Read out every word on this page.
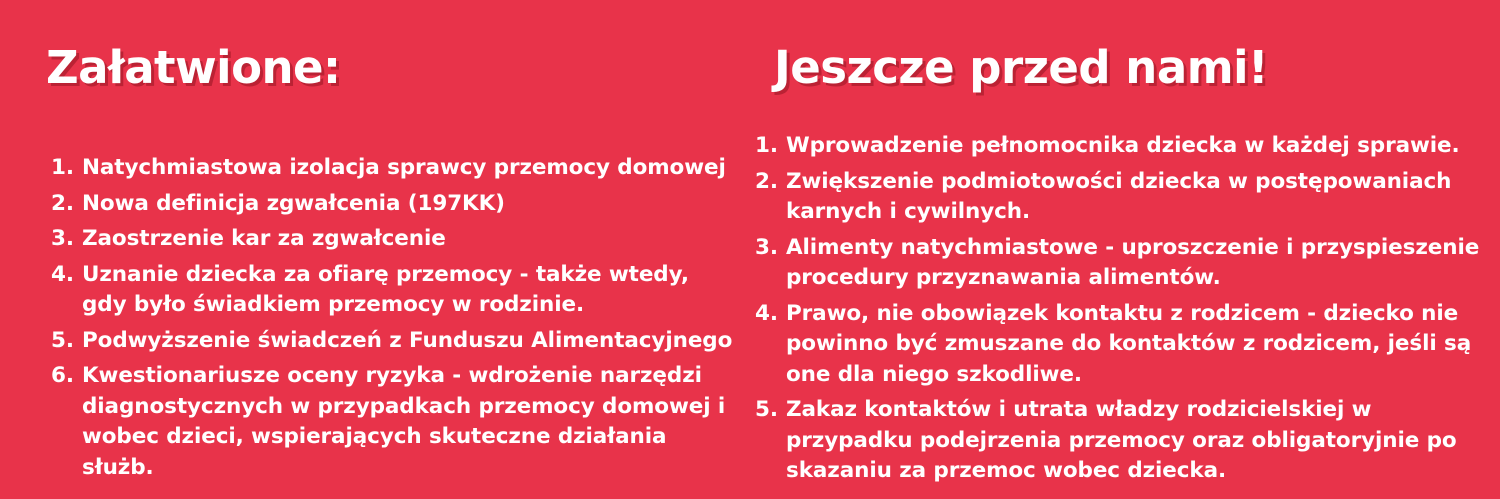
Załatwione:
Natychmiastowa izolacja sprawcy przemocy domowej
Nowa definicja zgwałcenia (197KK)
Zaostrzenie kar za zgwałcenie
Uznanie dziecka za ofiarę przemocy - także wtedy, gdy było świadkiem przemocy w rodzinie.
Podwyższenie świadczeń z Funduszu Alimentacyjnego
Kwestionariusze oceny ryzyka - wdrożenie narzędzi diagnostycznych w przypadkach przemocy domowej i wobec dzieci, wspierających skuteczne działania służb.
Jeszcze przed nami!
Wprowadzenie pełnomocnika dziecka w każdej sprawie.
Zwiększenie podmiotowości dziecka w postępowaniach karnych i cywilnych.
Alimenty natychmiastowe - uproszczenie i przyspieszenie procedury przyznawania alimentów.
Prawo, nie obowiązek kontaktu z rodzicem - dziecko nie powinno być zmuszane do kontaktów z rodzicem, jeśli są one dla niego szkodliwe.
Zakaz kontaktów i utrata władzy rodzicielskiej w przypadku podejrzenia przemocy oraz obligatoryjnie po skazaniu za przemoc wobec dziecka.
